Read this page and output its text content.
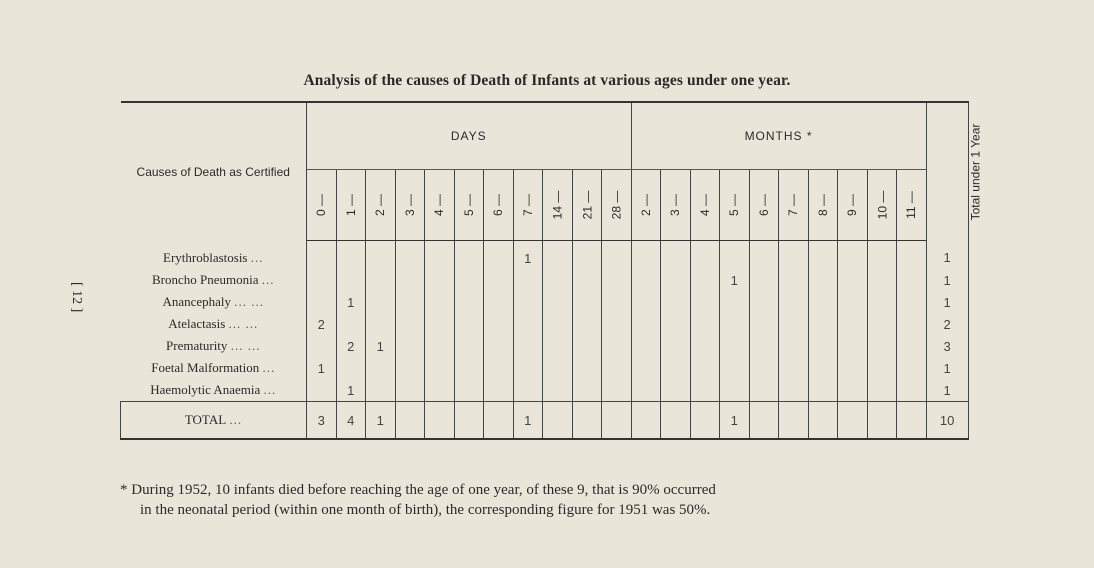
Analysis of the causes of Death of Infants at various ages under one year.
[ 12 ]
Causes of Death as Certified	DAYS											MONTHS *										Total under 1 Year
	0 —	1 —	2 —	3 —	4 —	5 —	6 —	7 —	14 —	21 —	28 —	2 —	3 —	4 —	5 —	6 —	7 —	8 —	9 —	10 —	11 —	
Erythroblastosis ...								1														1
Broncho Pneumonia ...															1							1
Anancephaly ... ...		1																				1
Atelactasis ... ...	2																					2
Prematurity ... ...		2	1																			3
Foetal Malformation ...	1																					1
Haemolytic Anaemia ...		1																				1
TOTAL ...	3	4	1					1							1							10
* During 1952, 10 infants died before reaching the age of one year, of these 9, that is 90% occurred
in the neonatal period (within one month of birth), the corresponding figure for 1951 was 50%.
